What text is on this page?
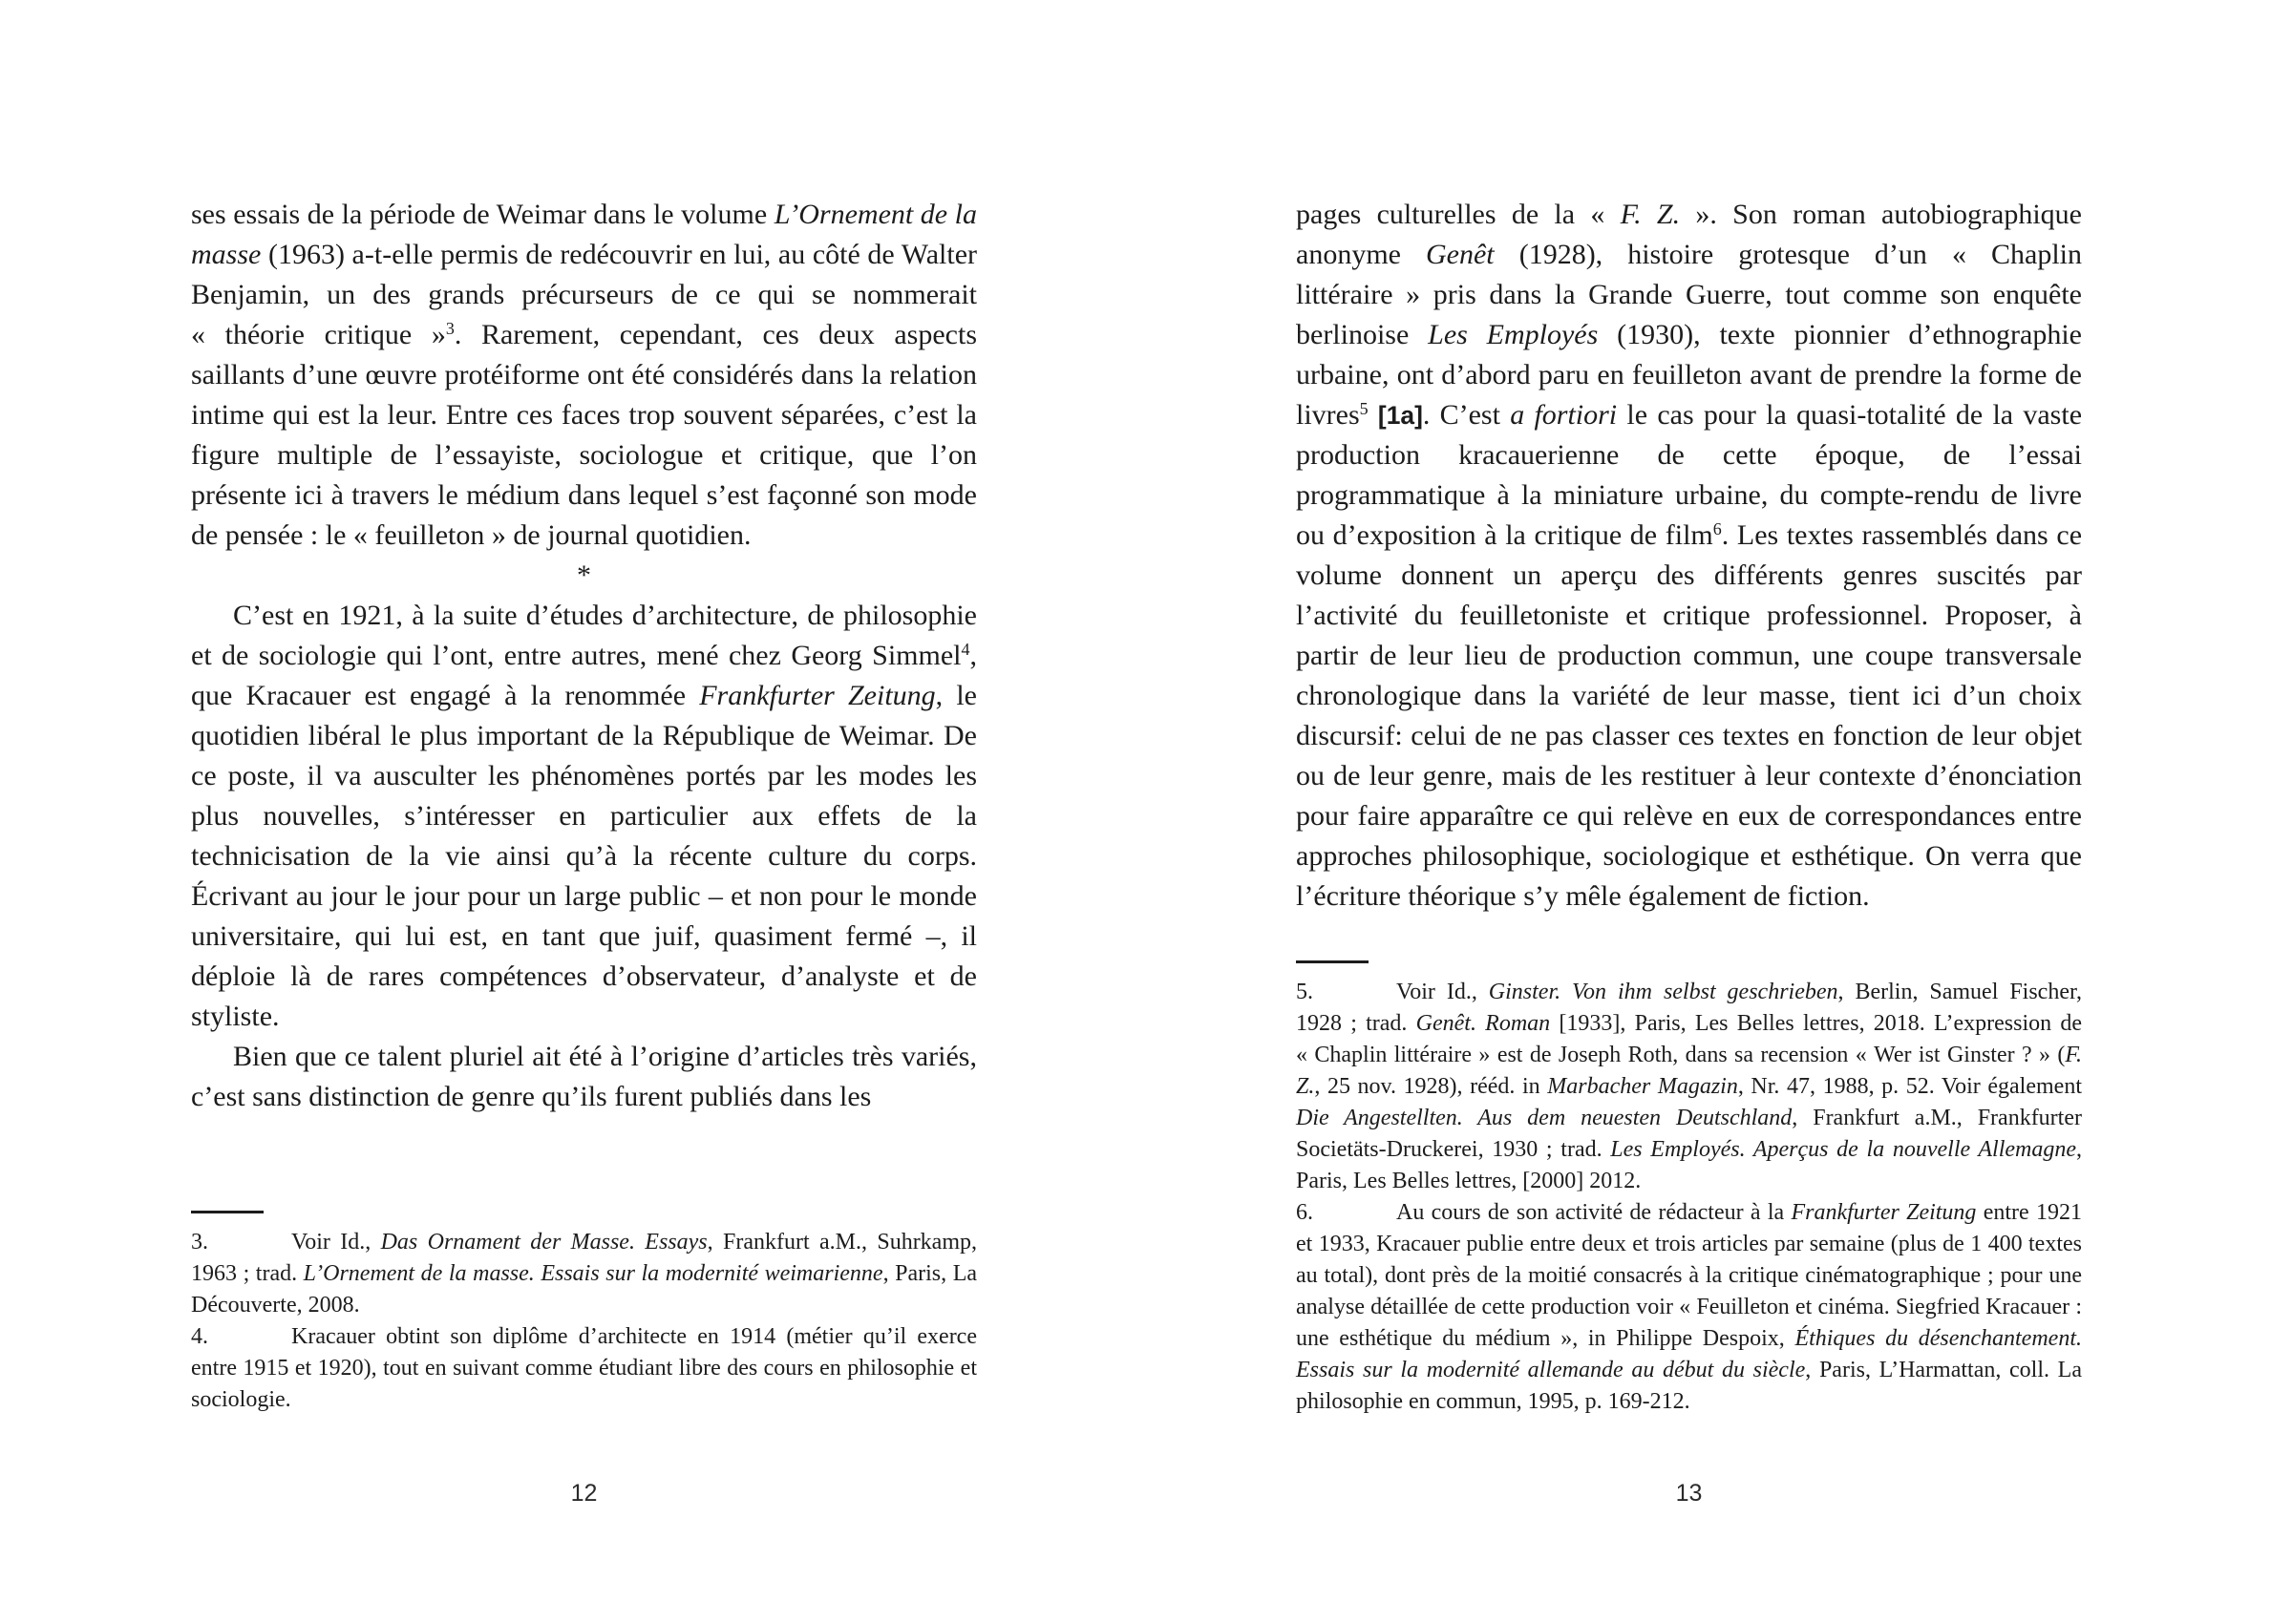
ses essais de la période de Weimar dans le volume L’Ornement de la masse (1963) a-t-elle permis de redécouvrir en lui, au côté de Walter Benjamin, un des grands précurseurs de ce qui se nommerait « théorie critique »$^3$. Rarement, cependant, ces deux aspects saillants d’une œuvre protéiforme ont été considérés dans la relation intime qui est la leur. Entre ces faces trop souvent séparées, c’est la figure multiple de l’essayiste, sociologue et critique, que l’on présente ici à travers le médium dans lequel s’est façonné son mode de pensée : le « feuilleton » de journal quotidien.

*

C’est en 1921, à la suite d’études d’architecture, de philosophie et de sociologie qui l’ont, entre autres, mené chez Georg Simmel$^4$, que Kracauer est engagé à la renommée Frankfurter Zeitung, le quotidien libéral le plus important de la République de Weimar. De ce poste, il va ausculter les phénomènes portés par les modes les plus nouvelles, s’intéresser en particulier aux effets de la technicisation de la vie ainsi qu’à la récente culture du corps. Écrivant au jour le jour pour un large public – et non pour le monde universitaire, qui lui est, en tant que juif, quasiment fermé –, il déploie là de rares compétences d’observateur, d’analyste et de styliste.

Bien que ce talent pluriel ait été à l’origine d’articles très variés, c’est sans distinction de genre qu’ils furent publiés dans les

3.	Voir Id., Das Ornament der Masse. Essays, Frankfurt a.M., Suhrkamp, 1963 ; trad. L’Ornement de la masse. Essais sur la modernité weimarienne, Paris, La Découverte, 2008.

4.	Kracauer obtint son diplôme d’architecte en 1914 (métier qu’il exerce entre 1915 et 1920), tout en suivant comme étudiant libre des cours en philosophie et sociologie.

12

pages culturelles de la « F. Z. ». Son roman autobiographique anonyme Genêt (1928), histoire grotesque d’un « Chaplin littéraire » pris dans la Grande Guerre, tout comme son enquête berlinoise Les Employés (1930), texte pionnier d’ethnographie urbaine, ont d’abord paru en feuilleton avant de prendre la forme de livres$^5$ [1a]. C’est a fortiori le cas pour la quasi-totalité de la vaste production kracauerienne de cette époque, de l’essai programmatique à la miniature urbaine, du compte-rendu de livre ou d’exposition à la critique de film$^6$. Les textes rassemblés dans ce volume donnent un aperçu des différents genres suscités par l’activité du feuilletoniste et critique professionnel. Proposer, à partir de leur lieu de production commun, une coupe transversale chronologique dans la variété de leur masse, tient ici d’un choix discursif: celui de ne pas classer ces textes en fonction de leur objet ou de leur genre, mais de les restituer à leur contexte d’énonciation pour faire apparaître ce qui relève en eux de correspondances entre approches philosophique, sociologique et esthétique. On verra que l’écriture théorique s’y mêle également de fiction.

5.	Voir Id., Ginster. Von ihm selbst geschrieben, Berlin, Samuel Fischer, 1928 ; trad. Genêt. Roman [1933], Paris, Les Belles lettres, 2018. L’expression de « Chaplin littéraire » est de Joseph Roth, dans sa recension « Wer ist Ginster ? » (F. Z., 25 nov. 1928), rééd. in Marbacher Magazin, Nr. 47, 1988, p. 52. Voir également Die Angestellten. Aus dem neuesten Deutschland, Frankfurt a.M., Frankfurter Societäts-Druckerei, 1930 ; trad. Les Employés. Aperçus de la nouvelle Allemagne, Paris, Les Belles lettres, [2000] 2012.

6.	Au cours de son activité de rédacteur à la Frankfurter Zeitung entre 1921 et 1933, Kracauer publie entre deux et trois articles par semaine (plus de 1 400 textes au total), dont près de la moitié consacrés à la critique cinématographique ; pour une analyse détaillée de cette production voir « Feuilleton et cinéma. Siegfried Kracauer : une esthétique du médium », in Philippe Despoix, Éthiques du désenchantement. Essais sur la modernité allemande au début du siècle, Paris, L’Harmattan, coll. La philosophie en commun, 1995, p. 169-212.

13
